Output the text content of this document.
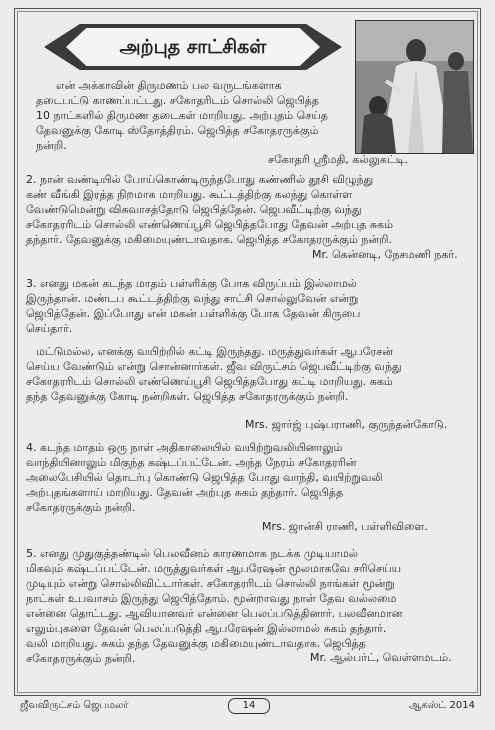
அற்புத சாட்சிகள்
என் அக்காவின் திருமணம் பல வருடங்களாக
தடைபட்டு காணப்பட்டது. சகோதரிடம் சொல்லி ஜெபித்த
10 நாட்களில் திருமண தடைகள் மாறியது. அற்புதம் செய்த
தேவனுக்கு கோடி ஸ்தோத்திரம். ஜெபித்த சகோதரருக்கும்
நன்றி.
சகோதரி ஸ்ரீமதி, கல்லுகட்டி.
2. நான் வண்டியில் போய்கொண்டிருந்தபோது கண்ணில் தூசி விழுந்து
கண் வீங்கி இரத்த நிறமாக மாறியது. கூட்டத்திற்கு கலந்து கொள்ள
வேண்டுமென்று விசுவாசத்தோடு ஜெபித்தேன். ஜெபவீட்டிற்கு வந்து
சகோதரரிடம் சொல்லி எண்ணெய்பூசி ஜெபித்தபோது தேவன் அற்புத சுகம்
தந்தார். தேவனுக்கு மகிமையுண்டாவதாக. ஜெபித்த சகோதரருக்கும் நன்றி.
Mr. கென்னடி, நேசமணி நகர்.
3. எனது மகன் கடந்த மாதம் பள்ளிக்கு போக விருப்பம் இல்லாமல்
இருந்தான். மண்டப கூட்டத்திற்கு வந்து சாட்சி சொல்லுவேன் என்று
ஜெபித்தேன். இப்போது என் மகன் பள்ளிக்கு போக தேவன் கிருபை
செய்தார்.
மட்டுமல்ல, எனக்கு வயிற்றில் கட்டி இருந்தது. மருத்துவர்கள் ஆபரேசன்
செய்ய வேண்டும் என்று சொன்னார்கள். ஜீவ விருட்சம் ஜெபவீட்டிற்கு வந்து
சகோதரரிடம் சொல்லி எண்ணெய்பூசி ஜெபித்தபோது கட்டி மாறியது. சுகம்
தந்த தேவனுக்கு கோடி நன்றிகள். ஜெபித்த சகோதரருக்கும் நன்றி.
Mrs. ஜார்ஜ் புஷ்பராணி, குருந்தன்கோடு.
4. கடந்த மாதம் ஒரு நாள் அதிகாலையில் வயிற்றுவலியினாலும்
வாந்தியினாலும் மிகுந்த கஷ்டப்பட்டேன். அந்த நேரம் சகோதரரின்
அலைபேசியில் தொடர்பு கொண்டு ஜெபித்த போது வாந்தி, வயிற்றுவலி
அற்புதங்களாய் மாறியது. தேவன் அற்புத சுகம் தந்தார். ஜெபித்த
சகோதரருக்கும் நன்றி.
Mrs. ஜான்சி ராணி, பள்ளிவிளை.
5. எனது முதுகுத்தண்டில் பெலவீனம் காரணமாக நடக்க முடியாமல்
மிகவும் கஷ்டப்பட்டேன். மருத்துவர்கள் ஆபரேஷன் மூலமாகவே சரிசெய்ய
முடியும் என்று சொல்லிவிட்டார்கள். சகோதரரிடம் சொல்லி நாங்கள் மூன்று
நாட்கள் உபவாசம் இருந்து ஜெபித்தோம். மூன்றாவது நாள் தேவ வல்லமை
என்னை தொட்டது. ஆவியானவர் என்னை பெலப்படுத்தினார். பலவீனமான
எலும்புகளை தேவன் பெலப்படுத்தி ஆபரேஷன் இல்லாமல் சுகம் தந்தார்.
வலி மாறியது. சுகம் தந்த தேவனுக்கு மகிமையுண்டாவதாக. ஜெபித்த
சகோதரருக்கும் நன்றி.	Mr. ஆல்பர்ட், வெள்ளமடம்.
ஜீவவிருட்சம் ஜெபமலர்	14	ஆகஸ்ட் 2014
